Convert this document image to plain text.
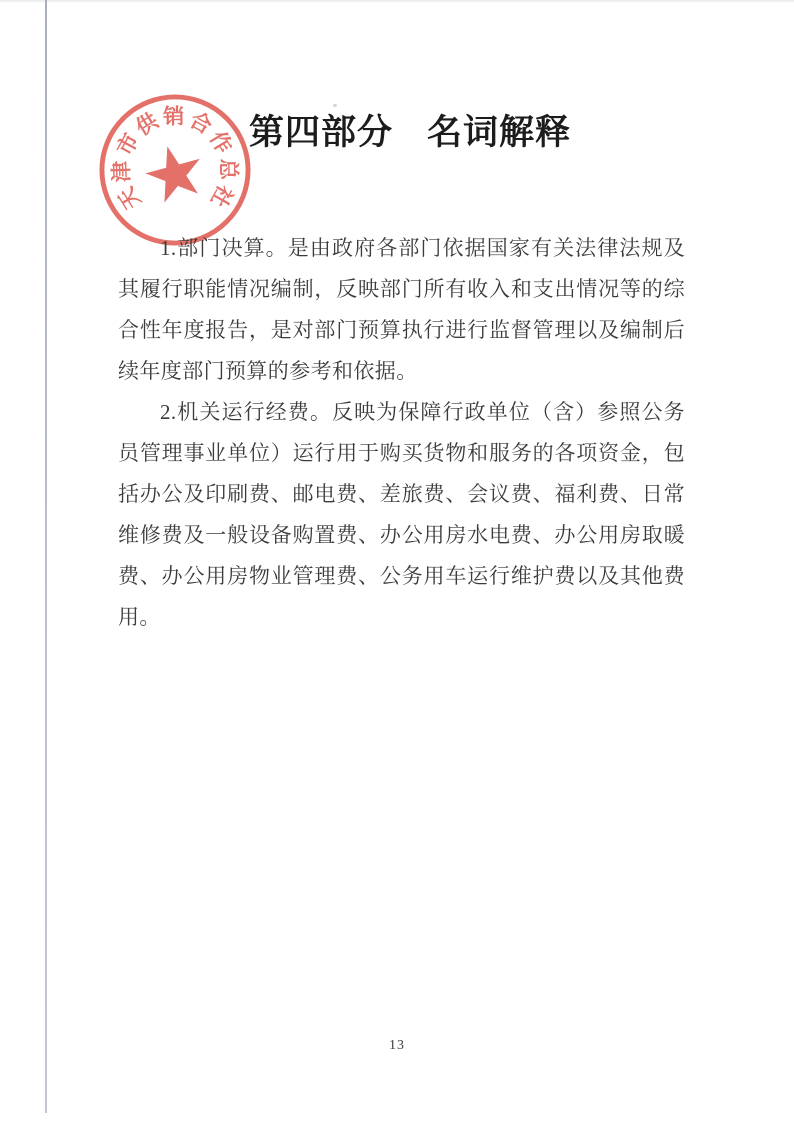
天津市供销合作总社
第四部分 名词解释

1.部门决算。是由政府各部门依据国家有关法律法规及其履行职能情况编制，反映部门所有收入和支出情况等的综合性年度报告，是对部门预算执行进行监督管理以及编制后续年度部门预算的参考和依据。

2.机关运行经费。反映为保障行政单位（含）参照公务员管理事业单位）运行用于购买货物和服务的各项资金，包括办公及印刷费、邮电费、差旅费、会议费、福利费、日常维修费及一般设备购置费、办公用房水电费、办公用房取暖费、办公用房物业管理费、公务用车运行维护费以及其他费用。

13
